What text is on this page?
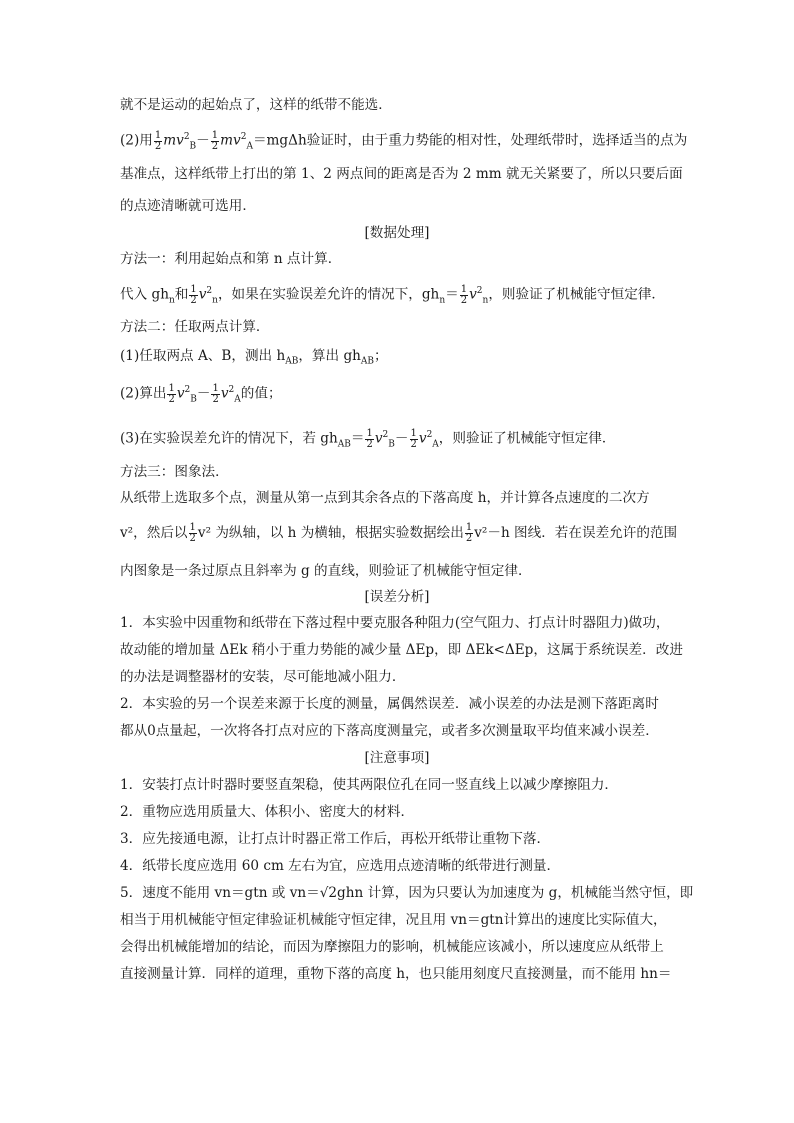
就不是运动的起始点了，这样的纸带不能选．
(2)用 $\frac{1}{2} mv^2_B- \frac{1}{2} mv^2_A=mg\Delta h$验证时，由于重力势能的相对性，处理纸带时，选择适当的点为
基准点，这样纸带上打出的第 1、2 两点间的距离是否为 2 mm 就无关紧要了，所以只要后面
的点迹清晰就可选用．
[数据处理]
方法一：利用起始点和第 n 点计算．
代入 $gh_n$和 $\frac{1}{2} v^2_n$，如果在实验误差允许的情况下，$gh_n= \frac{1}{2} v^2_n$，则验证了机械能守恒定律．
方法二：任取两点计算．
(1)任取两点 A、B，测出 $h_{AB}$，算出 $gh_{AB}$；
(2)算出 $\frac{1}{2} v^2_B- \frac{1}{2} v^2_A$的值；
(3)在实验误差允许的情况下，若 $gh_{AB}= \frac{1}{2} v^2_B- \frac{1}{2} v^2_A$，则验证了机械能守恒定律．
方法三：图象法．
从纸带上选取多个点，测量从第一点到其余各点的下落高度 h，并计算各点速度的二次方
v²，然后以 $\frac{1}{2} v^2$ 为纵轴，以 h 为横轴，根据实验数据绘出 $\frac{1}{2} v^2-h$ 图线．若在误差允许的范围
内图象是一条过原点且斜率为 g 的直线，则验证了机械能守恒定律．
[误差分析]
1．本实验中因重物和纸带在下落过程中要克服各种阻力(空气阻力、打点计时器阻力)做功，
故动能的增加量 ΔEk 稍小于重力势能的减少量 ΔEp，即 ΔEk<ΔEp，这属于系统误差．改进
的办法是调整器材的安装，尽可能地减小阻力．
2．本实验的另一个误差来源于长度的测量，属偶然误差．减小误差的办法是测下落距离时
都从0点量起，一次将各打点对应的下落高度测量完，或者多次测量取平均值来减小误差．
[注意事项]
1．安装打点计时器时要竖直架稳，使其两限位孔在同一竖直线上以减少摩擦阻力．
2．重物应选用质量大、体积小、密度大的材料．
3．应先接通电源，让打点计时器正常工作后，再松开纸带让重物下落．
4．纸带长度应选用 60 cm 左右为宜，应选用点迹清晰的纸带进行测量．
5．速度不能用 vn＝gtn 或 vn＝√2ghn 计算，因为只要认为加速度为 g，机械能当然守恒，即
相当于用机械能守恒定律验证机械能守恒定律，况且用 vn＝gtn计算出的速度比实际值大，
会得出机械能增加的结论，而因为摩擦阻力的影响，机械能应该减小，所以速度应从纸带上
直接测量计算．同样的道理，重物下落的高度 h，也只能用刻度尺直接测量，而不能用 hn＝
